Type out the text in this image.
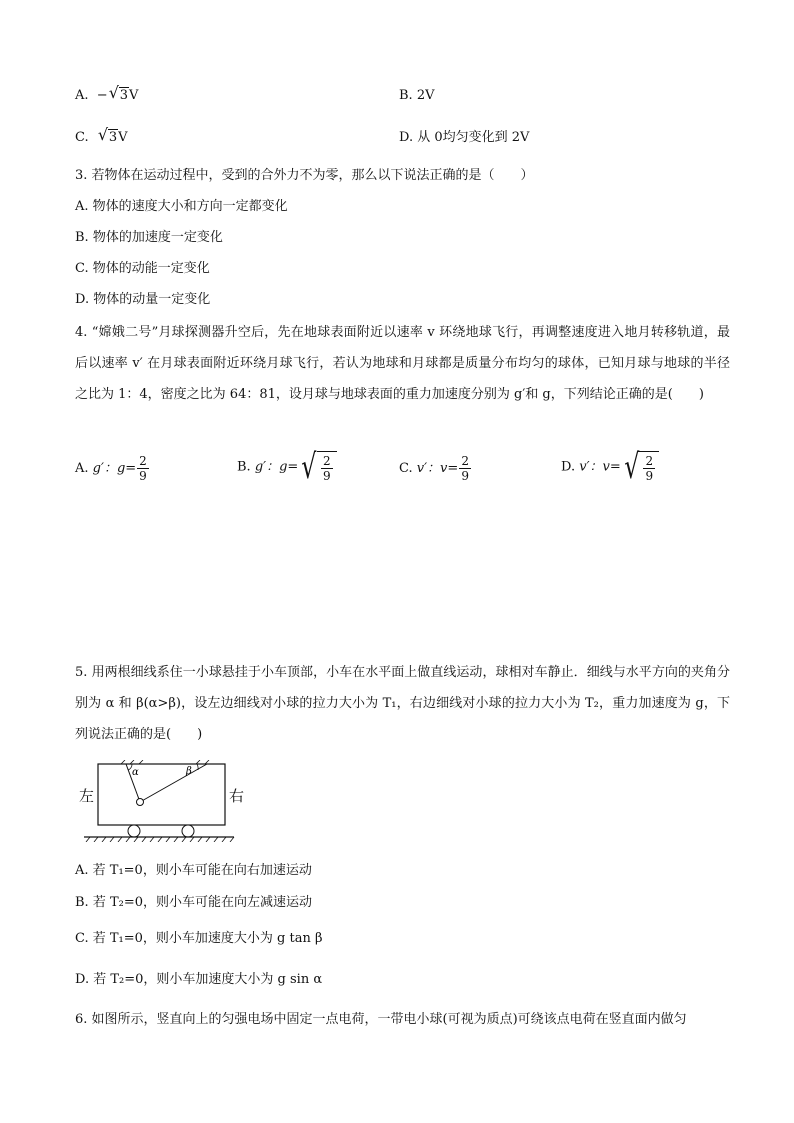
A. − √ 3V	B. 2V
C. √ 3V	D. 从 0均匀变化到 2V
3. 若物体在运动过程中，受到的合外力不为零，那么以下说法正确的是（　　）
A. 物体的速度大小和方向一定都变化
B. 物体的加速度一定变化
C. 物体的动能一定变化
D. 物体的动量一定变化
4. “嫦娥二号”月球探测器升空后，先在地球表面附近以速率 v 环绕地球飞行，再调整速度进入地月转移轨道，最后以速率 v′ 在月球表面附近环绕月球飞行，若认为地球和月球都是质量分布均匀的球体，已知月球与地球的半径之比为 1：4，密度之比为 64：81，设月球与地球表面的重力加速度分别为 g′和 g，下列结论正确的是(　　)
A. g′：$g= \frac{2}{9}$	B. g′：g= √ $\frac{2}{9}$	C. v′：$v= \frac{2}{9}$	D. v′：v= √ $\frac{2}{9}$
5. 用两根细线系住一小球悬挂于小车顶部，小车在水平面上做直线运动，球相对车静止．细线与水平方向的夹角分别为 α 和 β(α>β)，设左边细线对小球的拉力大小为 T₁，右边细线对小球的拉力大小为 T₂，重力加速度为 g，下列说法正确的是(　　)
α	β
左	右
A. 若 T₁=0，则小车可能在向右加速运动
B. 若 T₂=0，则小车可能在向左减速运动
C. 若 T₁=0，则小车加速度大小为 g tan β
D. 若 T₂=0，则小车加速度大小为 g sin α
6. 如图所示，竖直向上的匀强电场中固定一点电荷，一带电小球(可视为质点)可绕该点电荷在竖直面内做匀
